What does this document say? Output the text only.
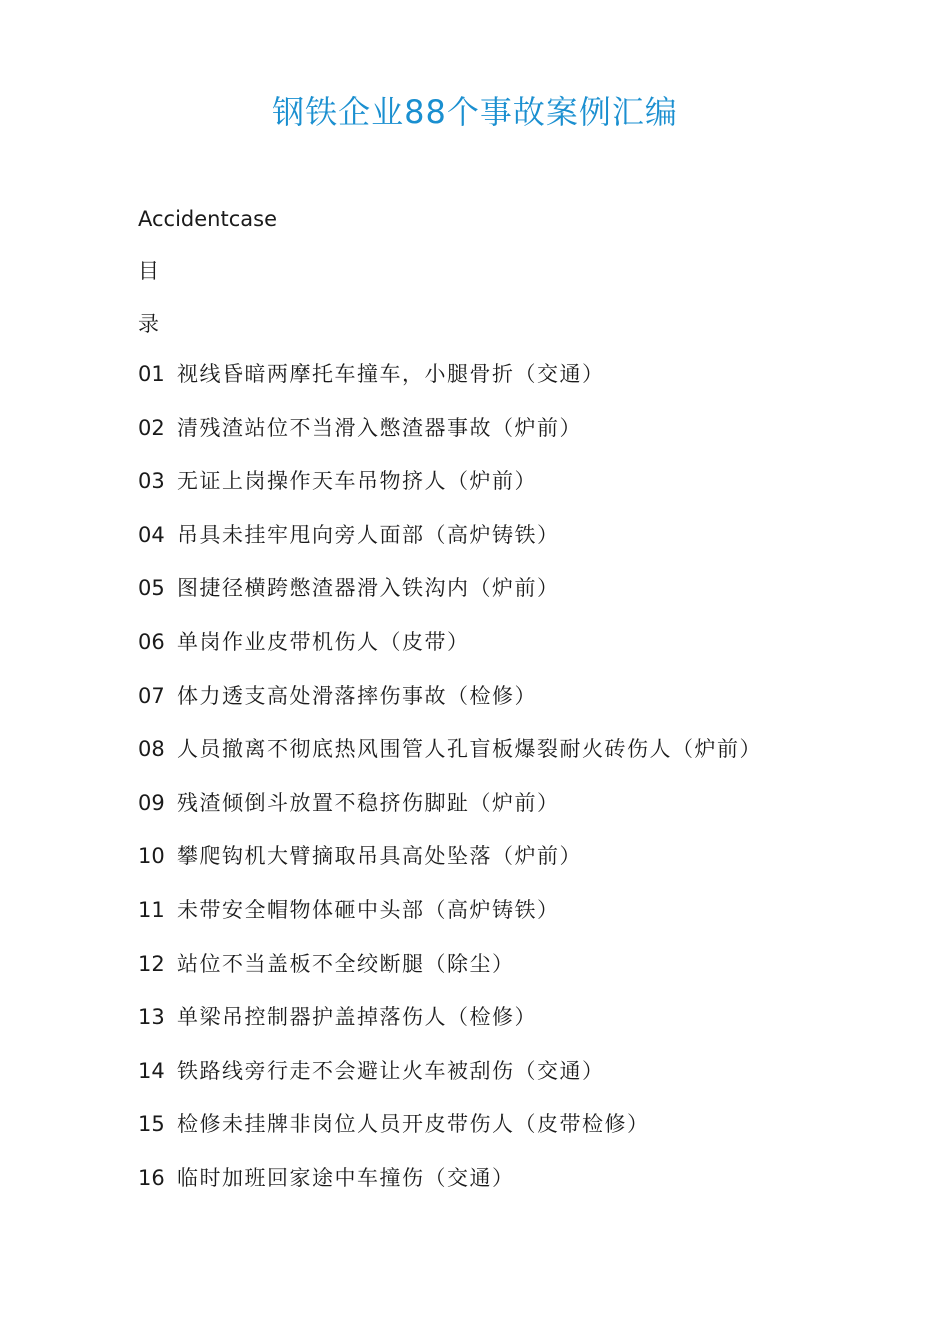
钢铁企业88个事故案例汇编
Accidentcase
目
录
01 视线昏暗两摩托车撞车，小腿骨折（交通）
02 清残渣站位不当滑入憋渣器事故（炉前）
03 无证上岗操作天车吊物挤人（炉前）
04 吊具未挂牢甩向旁人面部（高炉铸铁）
05 图捷径横跨憋渣器滑入铁沟内（炉前）
06 单岗作业皮带机伤人（皮带）
07 体力透支高处滑落摔伤事故（检修）
08 人员撤离不彻底热风围管人孔盲板爆裂耐火砖伤人（炉前）
09 残渣倾倒斗放置不稳挤伤脚趾（炉前）
10 攀爬钩机大臂摘取吊具高处坠落（炉前）
11 未带安全帽物体砸中头部（高炉铸铁）
12 站位不当盖板不全绞断腿（除尘）
13 单梁吊控制器护盖掉落伤人（检修）
14 铁路线旁行走不会避让火车被刮伤（交通）
15 检修未挂牌非岗位人员开皮带伤人（皮带检修）
16 临时加班回家途中车撞伤（交通）
